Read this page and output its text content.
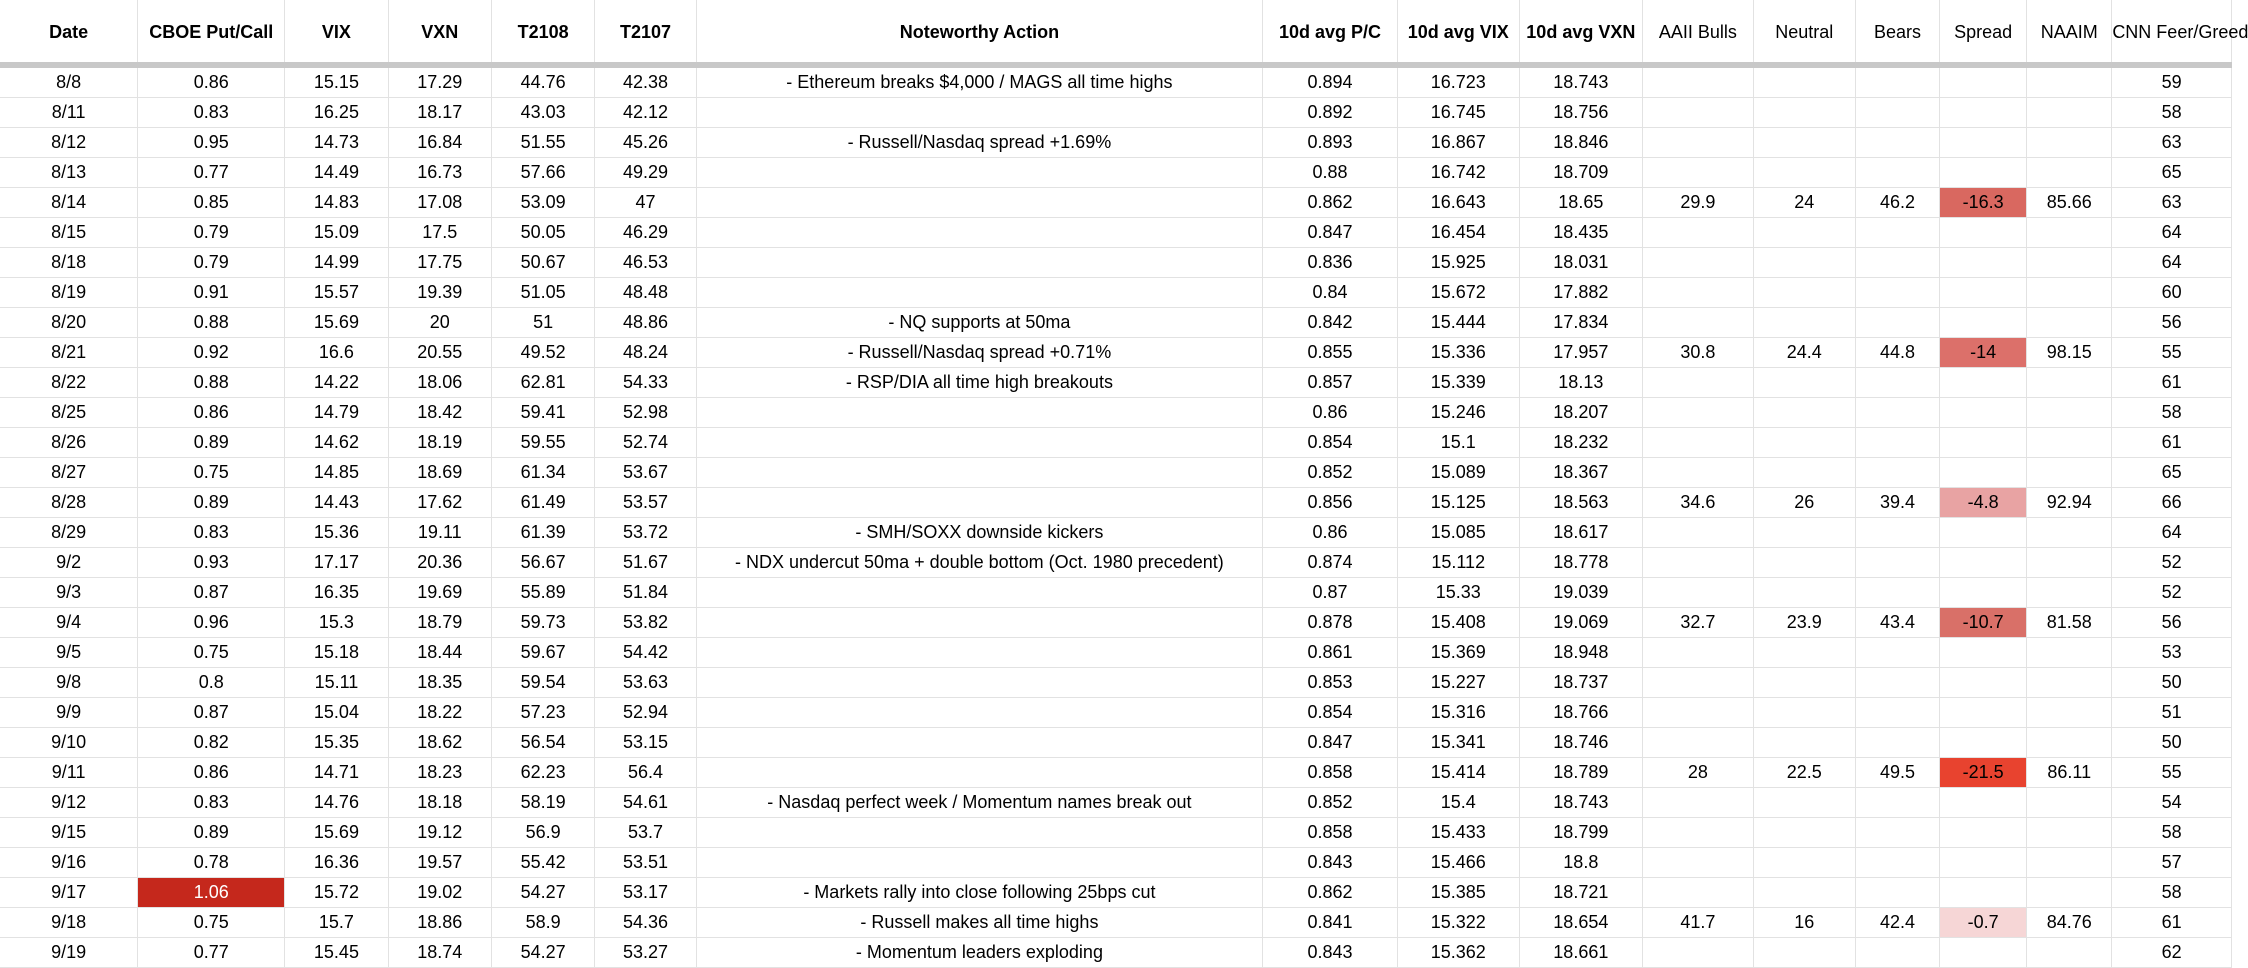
Date	CBOE Put/Call	VIX	VXN	T2108	T2107	Noteworthy Action	10d avg P/C	10d avg VIX	10d avg VXN	AAII Bulls	Neutral	Bears	Spread	NAAIM	CNN Feer/Greed
8/8	0.86	15.15	17.29	44.76	42.38	- Ethereum breaks $4,000 / MAGS all time highs	0.894	16.723	18.743						59
8/11	0.83	16.25	18.17	43.03	42.12		0.892	16.745	18.756						58
8/12	0.95	14.73	16.84	51.55	45.26	- Russell/Nasdaq spread +1.69%	0.893	16.867	18.846						63
8/13	0.77	14.49	16.73	57.66	49.29		0.88	16.742	18.709						65
8/14	0.85	14.83	17.08	53.09	47		0.862	16.643	18.65	29.9	24	46.2	-16.3	85.66	63
8/15	0.79	15.09	17.5	50.05	46.29		0.847	16.454	18.435						64
8/18	0.79	14.99	17.75	50.67	46.53		0.836	15.925	18.031						64
8/19	0.91	15.57	19.39	51.05	48.48		0.84	15.672	17.882						60
8/20	0.88	15.69	20	51	48.86	- NQ supports at 50ma	0.842	15.444	17.834						56
8/21	0.92	16.6	20.55	49.52	48.24	- Russell/Nasdaq spread +0.71%	0.855	15.336	17.957	30.8	24.4	44.8	-14	98.15	55
8/22	0.88	14.22	18.06	62.81	54.33	- RSP/DIA all time high breakouts	0.857	15.339	18.13						61
8/25	0.86	14.79	18.42	59.41	52.98		0.86	15.246	18.207						58
8/26	0.89	14.62	18.19	59.55	52.74		0.854	15.1	18.232						61
8/27	0.75	14.85	18.69	61.34	53.67		0.852	15.089	18.367						65
8/28	0.89	14.43	17.62	61.49	53.57		0.856	15.125	18.563	34.6	26	39.4	-4.8	92.94	66
8/29	0.83	15.36	19.11	61.39	53.72	- SMH/SOXX downside kickers	0.86	15.085	18.617						64
9/2	0.93	17.17	20.36	56.67	51.67	- NDX undercut 50ma + double bottom (Oct. 1980 precedent)	0.874	15.112	18.778						52
9/3	0.87	16.35	19.69	55.89	51.84		0.87	15.33	19.039						52
9/4	0.96	15.3	18.79	59.73	53.82		0.878	15.408	19.069	32.7	23.9	43.4	-10.7	81.58	56
9/5	0.75	15.18	18.44	59.67	54.42		0.861	15.369	18.948						53
9/8	0.8	15.11	18.35	59.54	53.63		0.853	15.227	18.737						50
9/9	0.87	15.04	18.22	57.23	52.94		0.854	15.316	18.766						51
9/10	0.82	15.35	18.62	56.54	53.15		0.847	15.341	18.746						50
9/11	0.86	14.71	18.23	62.23	56.4		0.858	15.414	18.789	28	22.5	49.5	-21.5	86.11	55
9/12	0.83	14.76	18.18	58.19	54.61	- Nasdaq perfect week / Momentum names break out	0.852	15.4	18.743						54
9/15	0.89	15.69	19.12	56.9	53.7		0.858	15.433	18.799						58
9/16	0.78	16.36	19.57	55.42	53.51		0.843	15.466	18.8						57
9/17	1.06	15.72	19.02	54.27	53.17	- Markets rally into close following 25bps cut	0.862	15.385	18.721						58
9/18	0.75	15.7	18.86	58.9	54.36	- Russell makes all time highs	0.841	15.322	18.654	41.7	16	42.4	-0.7	84.76	61
9/19	0.77	15.45	18.74	54.27	53.27	- Momentum leaders exploding	0.843	15.362	18.661						62
